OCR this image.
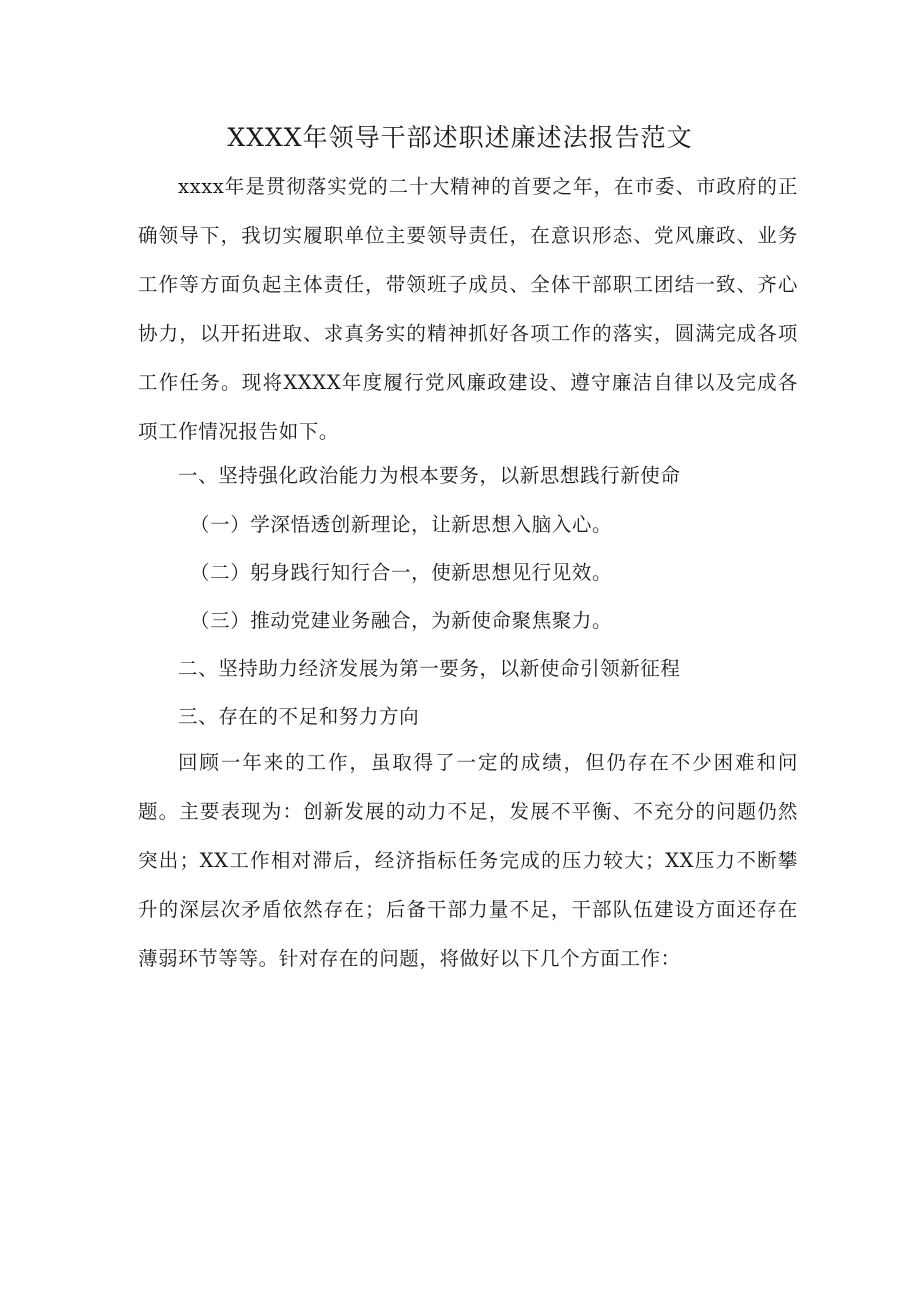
XXXX年领导干部述职述廉述法报告范文
xxxx年是贯彻落实党的二十大精神的首要之年，在市委、市政府的正确领导下，我切实履职单位主要领导责任，在意识形态、党风廉政、业务工作等方面负起主体责任，带领班子成员、全体干部职工团结一致、齐心协力，以开拓进取、求真务实的精神抓好各项工作的落实，圆满完成各项工作任务。现将XXXX年度履行党风廉政建设、遵守廉洁自律以及完成各项工作情况报告如下。
一、坚持强化政治能力为根本要务，以新思想践行新使命
（一）学深悟透创新理论，让新思想入脑入心。
（二）躬身践行知行合一，使新思想见行见效。
（三）推动党建业务融合，为新使命聚焦聚力。
二、坚持助力经济发展为第一要务，以新使命引领新征程
三、存在的不足和努力方向
回顾一年来的工作，虽取得了一定的成绩，但仍存在不少困难和问题。主要表现为：创新发展的动力不足，发展不平衡、不充分的问题仍然突出；XX工作相对滞后，经济指标任务完成的压力较大；XX压力不断攀升的深层次矛盾依然存在；后备干部力量不足，干部队伍建设方面还存在薄弱环节等等。针对存在的问题，将做好以下几个方面工作：
